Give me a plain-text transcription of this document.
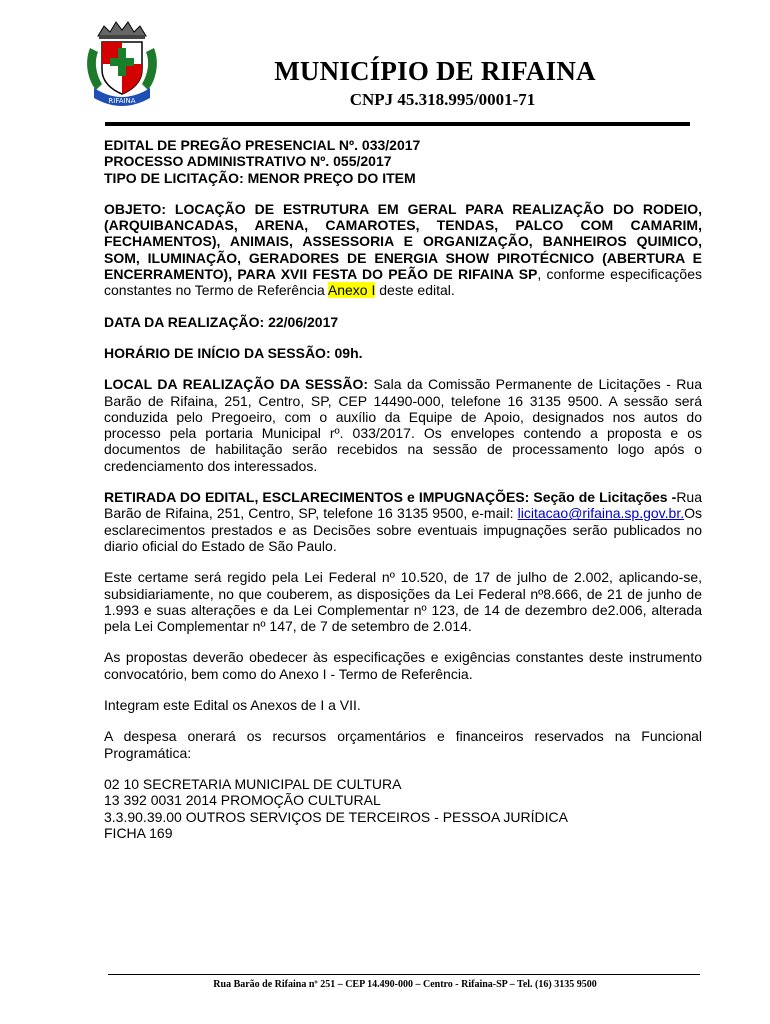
RIFAINA
MUNICÍPIO DE RIFAINA
CNPJ 45.318.995/0001-71

EDITAL DE PREGÃO PRESENCIAL Nº. 033/2017
PROCESSO ADMINISTRATIVO Nº. 055/2017
TIPO DE LICITAÇÃO: MENOR PREÇO DO ITEM

OBJETO: LOCAÇÃO DE ESTRUTURA EM GERAL PARA REALIZAÇÃO DO RODEIO,(ARQUIBANCADAS, ARENA, CAMAROTES, TENDAS, PALCO COM CAMARIM, FECHAMENTOS), ANIMAIS, ASSESSORIA E ORGANIZAÇÃO, BANHEIROS QUIMICO, SOM, ILUMINAÇÃO, GERADORES DE ENERGIA SHOW PIROTÉCNICO (ABERTURA E ENCERRAMENTO), PARA XVII FESTA DO PEÃO DE RIFAINA SP, conforme especificações constantes no Termo de Referência Anexo I deste edital.

DATA DA REALIZAÇÃO: 22/06/2017

HORÁRIO DE INÍCIO DA SESSÃO: 09h.

LOCAL DA REALIZAÇÃO DA SESSÃO: Sala da Comissão Permanente de Licitações - Rua Barão de Rifaina, 251, Centro, SP, CEP 14490-000, telefone 16 3135 9500. A sessão será conduzida pelo Pregoeiro, com o auxílio da Equipe de Apoio, designados nos autos do processo pela portaria Municipal rº. 033/2017. Os envelopes contendo a proposta e os documentos de habilitação serão recebidos na sessão de processamento logo após o credenciamento dos interessados.

RETIRADA DO EDITAL, ESCLARECIMENTOS e IMPUGNAÇÕES: Seção de Licitações -Rua Barão de Rifaina, 251, Centro, SP, telefone 16 3135 9500, e-mail: licitacao@rifaina.sp.gov.br.Os esclarecimentos prestados e as Decisões sobre eventuais impugnações serão publicados no diario oficial do Estado de São Paulo.

Este certame será regido pela Lei Federal nº 10.520, de 17 de julho de 2.002, aplicando-se, subsidiariamente, no que couberem, as disposições da Lei Federal nº8.666, de 21 de junho de 1.993 e suas alterações e da Lei Complementar nº 123, de 14 de dezembro de2.006, alterada pela Lei Complementar nº 147, de 7 de setembro de 2.014.

As propostas deverão obedecer às especificações e exigências constantes deste instrumento convocatório, bem como do Anexo I - Termo de Referência.

Integram este Edital os Anexos de I a VII.

A despesa onerará os recursos orçamentários e financeiros reservados na Funcional Programática:

02 10 SECRETARIA MUNICIPAL DE CULTURA

13 392 0031 2014 PROMOÇÃO CULTURAL

3.3.90.39.00 OUTROS SERVIÇOS DE TERCEIROS - PESSOA JURÍDICA

FICHA 169

Rua Barão de Rifaina nº 251 – CEP 14.490-000 – Centro - Rifaina-SP – Tel. (16) 3135 9500
